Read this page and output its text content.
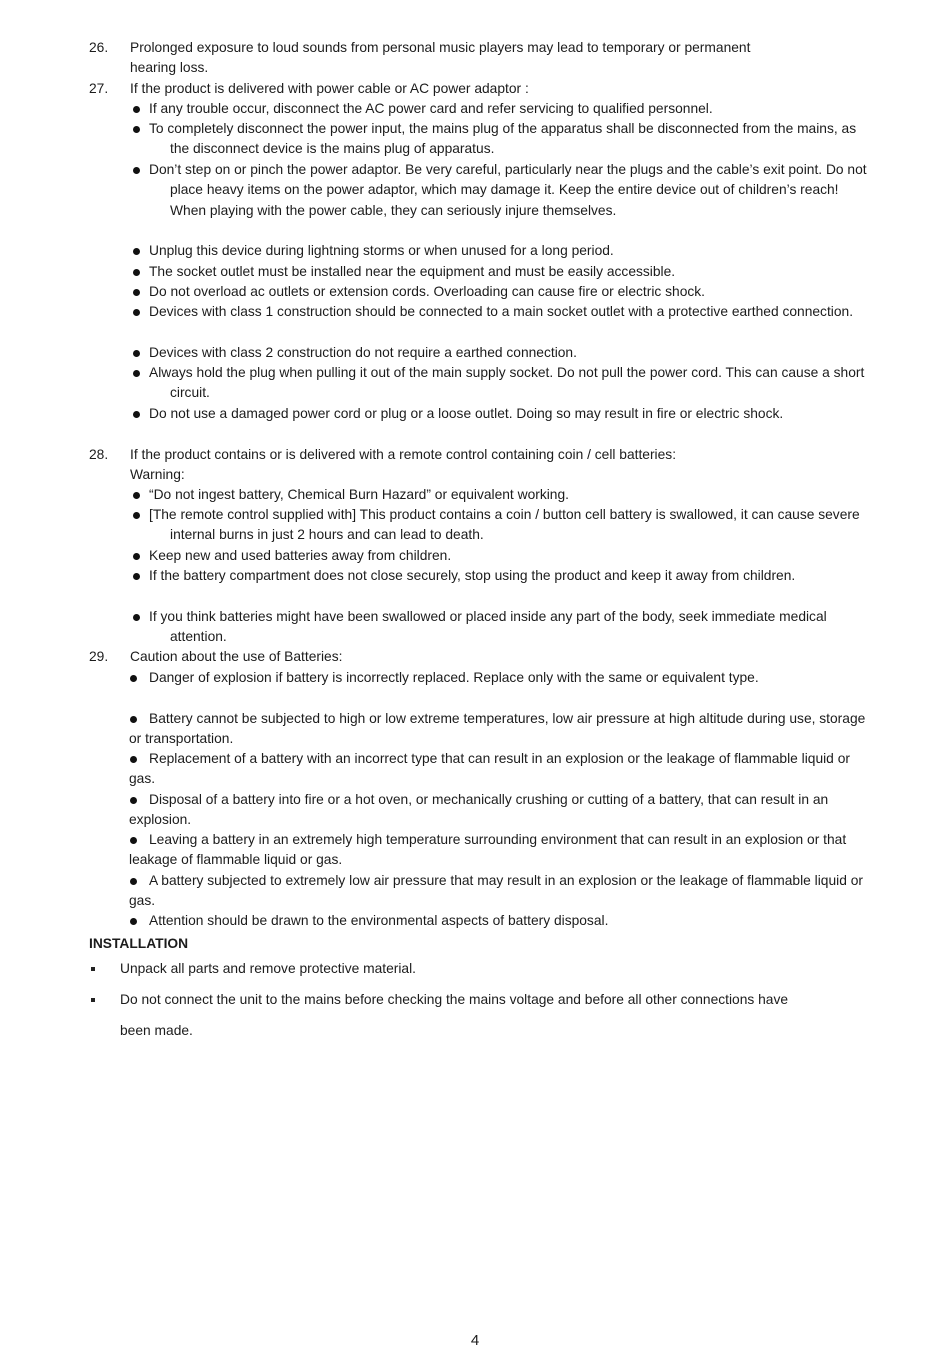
26. Prolonged exposure to loud sounds from personal music players may lead to temporary or permanent hearing loss.
27. If the product is delivered with power cable or AC power adaptor :
If any trouble occur, disconnect the AC power card and refer servicing to qualified personnel.
To completely disconnect the power input, the mains plug of the apparatus shall be disconnected from the mains, as the disconnect device is the mains plug of apparatus.
Don’t step on or pinch the power adaptor. Be very careful, particularly near the plugs and the cable’s exit point. Do not place heavy items on the power adaptor, which may damage it. Keep the entire device out of children’s reach! When playing with the power cable, they can seriously injure themselves.
Unplug this device during lightning storms or when unused for a long period.
The socket outlet must be installed near the equipment and must be easily accessible.
Do not overload ac outlets or extension cords. Overloading can cause fire or electric shock.
Devices with class 1 construction should be connected to a main socket outlet with a protective earthed connection.
Devices with class 2 construction do not require a earthed connection.
Always hold the plug when pulling it out of the main supply socket. Do not pull the power cord. This can cause a short circuit.
Do not use a damaged power cord or plug or a loose outlet. Doing so may result in fire or electric shock.
28. If the product contains or is delivered with a remote control containing coin / cell batteries:
Warning:
“Do not ingest battery, Chemical Burn Hazard” or equivalent working.
[The remote control supplied with] This product contains a coin / button cell battery is swallowed, it can cause severe internal burns in just 2 hours and can lead to death.
Keep new and used batteries away from children.
If the battery compartment does not close securely, stop using the product and keep it away from children.
If you think batteries might have been swallowed or placed inside any part of the body, seek immediate medical attention.
29. Caution about the use of Batteries:
Danger of explosion if battery is incorrectly replaced. Replace only with the same or equivalent type.
Battery cannot be subjected to high or low extreme temperatures, low air pressure at high altitude during use, storage or transportation.
Replacement of a battery with an incorrect type that can result in an explosion or the leakage of flammable liquid or gas.
Disposal of a battery into fire or a hot oven, or mechanically crushing or cutting of a battery, that can result in an explosion.
Leaving a battery in an extremely high temperature surrounding environment that can result in an explosion or that leakage of flammable liquid or gas.
A battery subjected to extremely low air pressure that may result in an explosion or the leakage of flammable liquid or gas.
Attention should be drawn to the environmental aspects of battery disposal.
INSTALLATION
Unpack all parts and remove protective material.
Do not connect the unit to the mains before checking the mains voltage and before all other connections have been made.
4
